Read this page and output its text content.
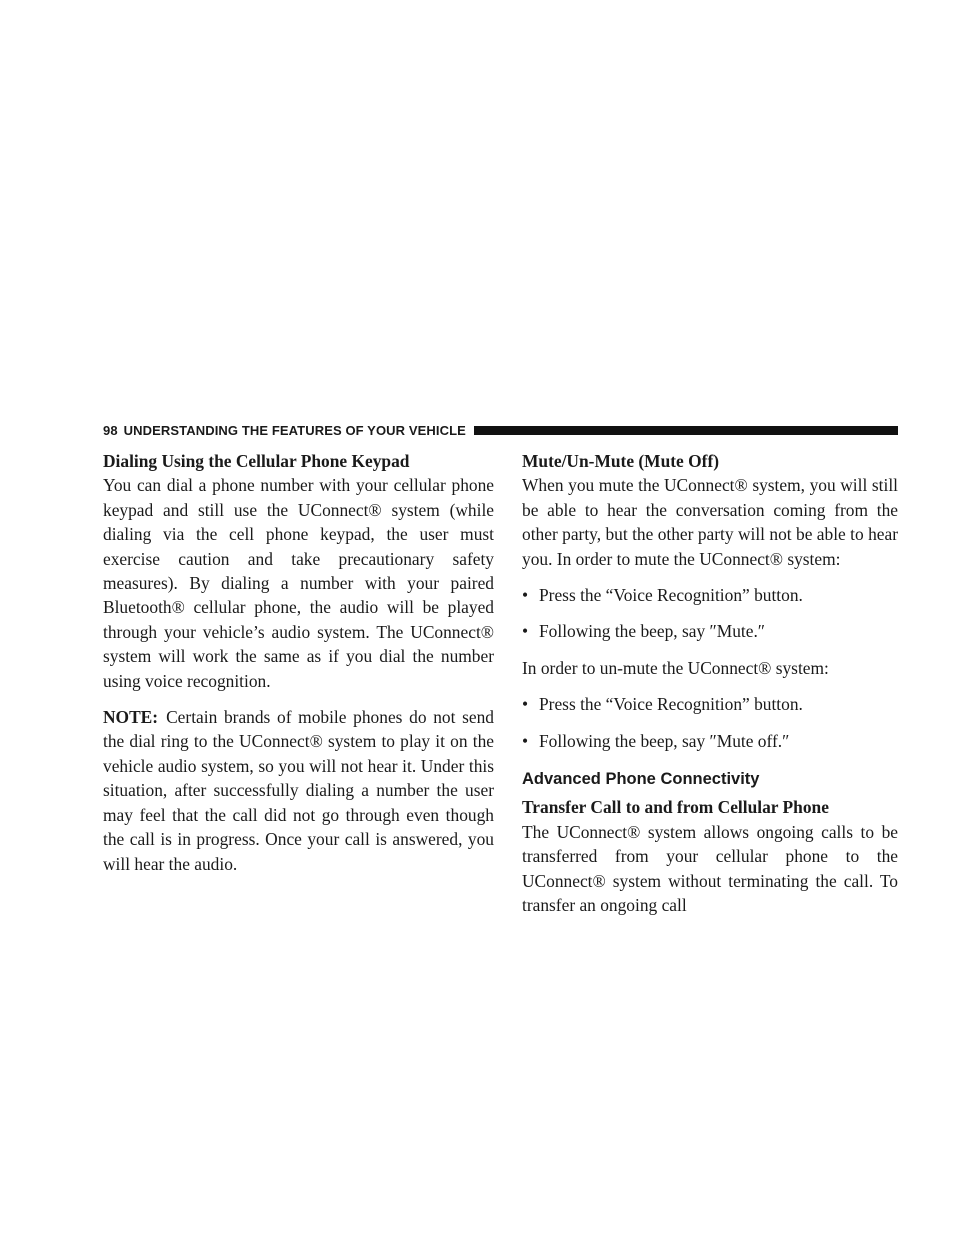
98 UNDERSTANDING THE FEATURES OF YOUR VEHICLE

Dialing Using the Cellular Phone Keypad

You can dial a phone number with your cellular phone keypad and still use the UConnect® system (while dialing via the cell phone keypad, the user must exercise caution and take precautionary safety measures). By dialing a number with your paired Bluetooth® cellular phone, the audio will be played through your vehicle’s audio system. The UConnect® system will work the same as if you dial the number using voice recognition.

NOTE: Certain brands of mobile phones do not send the dial ring to the UConnect® system to play it on the vehicle audio system, so you will not hear it. Under this situation, after successfully dialing a number the user may feel that the call did not go through even though the call is in progress. Once your call is answered, you will hear the audio.

Mute/Un-Mute (Mute Off)

When you mute the UConnect® system, you will still be able to hear the conversation coming from the other party, but the other party will not be able to hear you. In order to mute the UConnect® system:

• Press the “Voice Recognition” button.
• Following the beep, say ″Mute.″

In order to un-mute the UConnect® system:

• Press the “Voice Recognition” button.
• Following the beep, say ″Mute off.″

Advanced Phone Connectivity

Transfer Call to and from Cellular Phone

The UConnect® system allows ongoing calls to be transferred from your cellular phone to the UConnect® system without terminating the call. To transfer an ongoing call
